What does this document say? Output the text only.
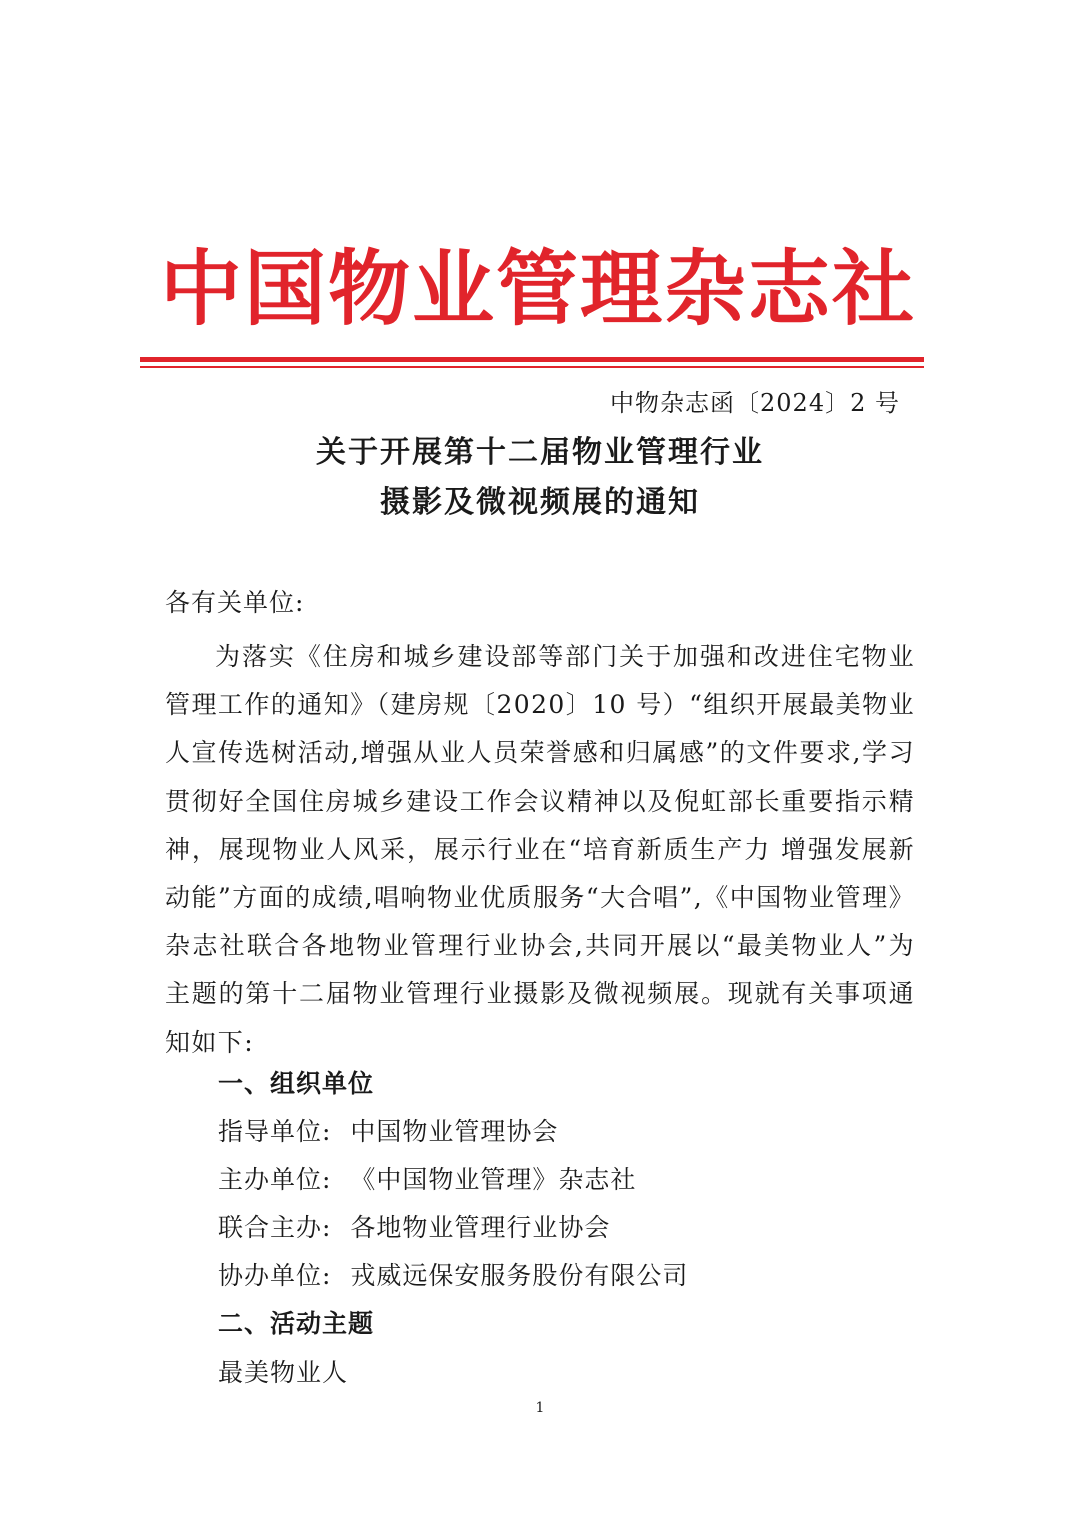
中国物业管理杂志社
中物杂志函〔2024〕2 号
关于开展第十二届物业管理行业
摄影及微视频展的通知

各有关单位:

为落实《住房和城乡建设部等部门关于加强和改进住宅物业管理工作的通知》（建房规〔2020〕10 号）“组织开展最美物业人宣传选树活动,增强从业人员荣誉感和归属感”的文件要求,学习贯彻好全国住房城乡建设工作会议精神以及倪虹部长重要指示精神，展现物业人风采，展示行业在“培育新质生产力 增强发展新动能”方面的成绩,唱响物业优质服务“大合唱”,《中国物业管理》杂志社联合各地物业管理行业协会,共同开展以“最美物业人”为主题的第十二届物业管理行业摄影及微视频展。现就有关事项通知如下:

一、组织单位
指导单位: 中国物业管理协会
主办单位: 《中国物业管理》杂志社
联合主办: 各地物业管理行业协会
协办单位: 戎威远保安服务股份有限公司
二、活动主题
最美物业人
1
